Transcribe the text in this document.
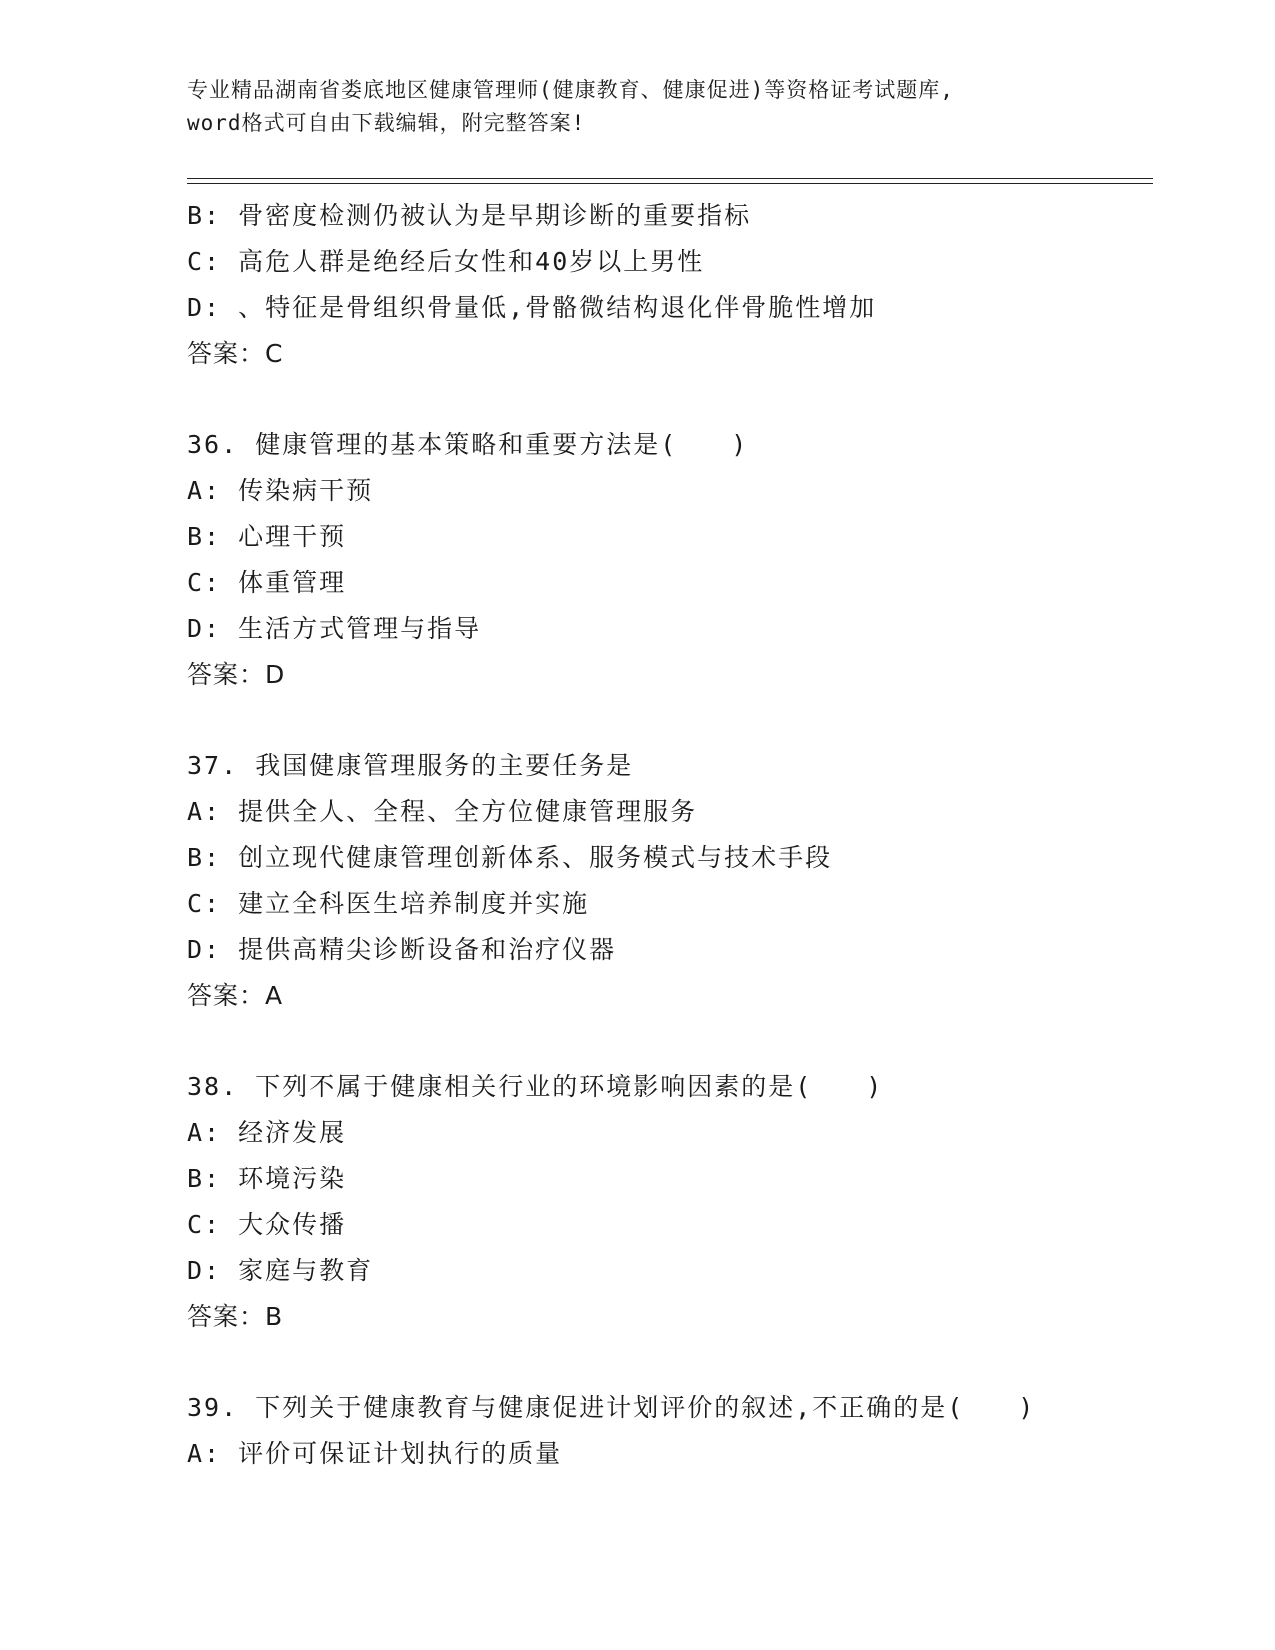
专业精品湖南省娄底地区健康管理师(健康教育、健康促进)等资格证考试题库,
word格式可自由下载编辑，附完整答案!
B: 骨密度检测仍被认为是早期诊断的重要指标
C: 高危人群是绝经后女性和40岁以上男性
D: 、特征是骨组织骨量低,骨骼微结构退化伴骨脆性增加
答案：C
36. 健康管理的基本策略和重要方法是(　　)
A: 传染病干预
B: 心理干预
C: 体重管理
D: 生活方式管理与指导
答案：D
37. 我国健康管理服务的主要任务是
A: 提供全人、全程、全方位健康管理服务
B: 创立现代健康管理创新体系、服务模式与技术手段
C: 建立全科医生培养制度并实施
D: 提供高精尖诊断设备和治疗仪器
答案：A
38. 下列不属于健康相关行业的环境影响因素的是(　　)
A: 经济发展
B: 环境污染
C: 大众传播
D: 家庭与教育
答案：B
39. 下列关于健康教育与健康促进计划评价的叙述,不正确的是(　　)
A: 评价可保证计划执行的质量
